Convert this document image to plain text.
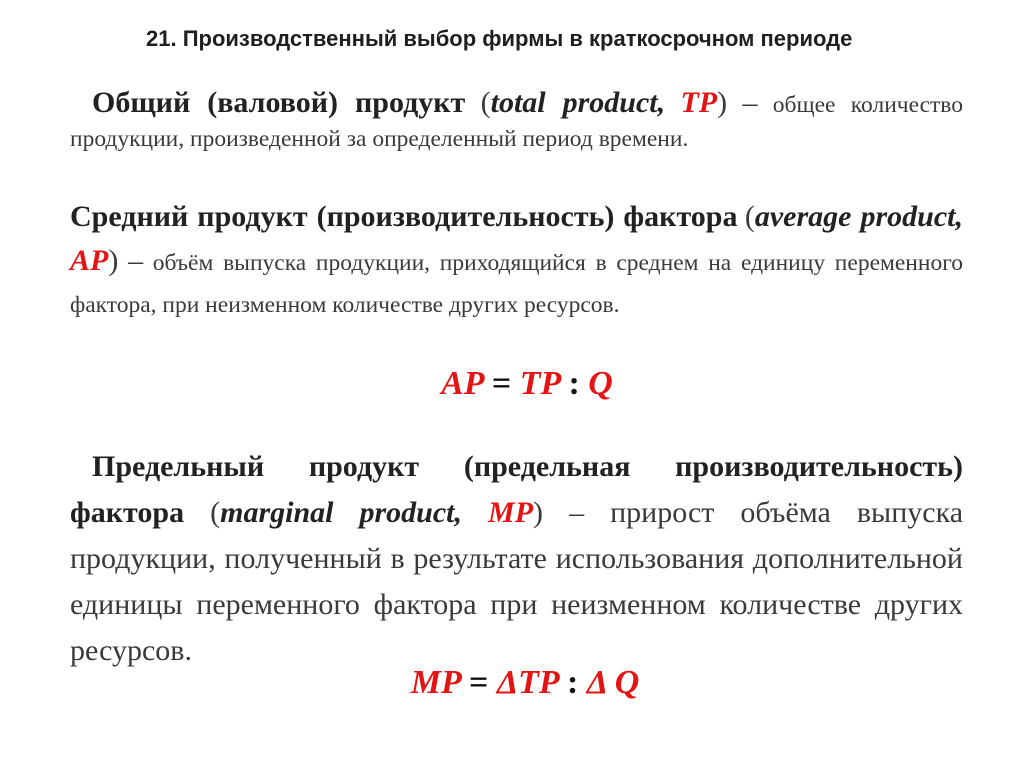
21. Производственный выбор фирмы в краткосрочном периоде
Общий (валовой) продукт (total product, TP) – общее количество продукции, произведенной за определенный период времени.
Средний продукт (производительность) фактора (average product, AP) – объём выпуска продукции, приходящийся в среднем на единицу переменного фактора, при неизменном количестве других ресурсов.
AP = TP : Q
Предельный продукт (предельная производительность) фактора (marginal product, MP) – прирост объёма выпуска продукции, полученный в результате использования дополнительной единицы переменного фактора при неизменном количестве других ресурсов.
MP = ΔTP : Δ Q
